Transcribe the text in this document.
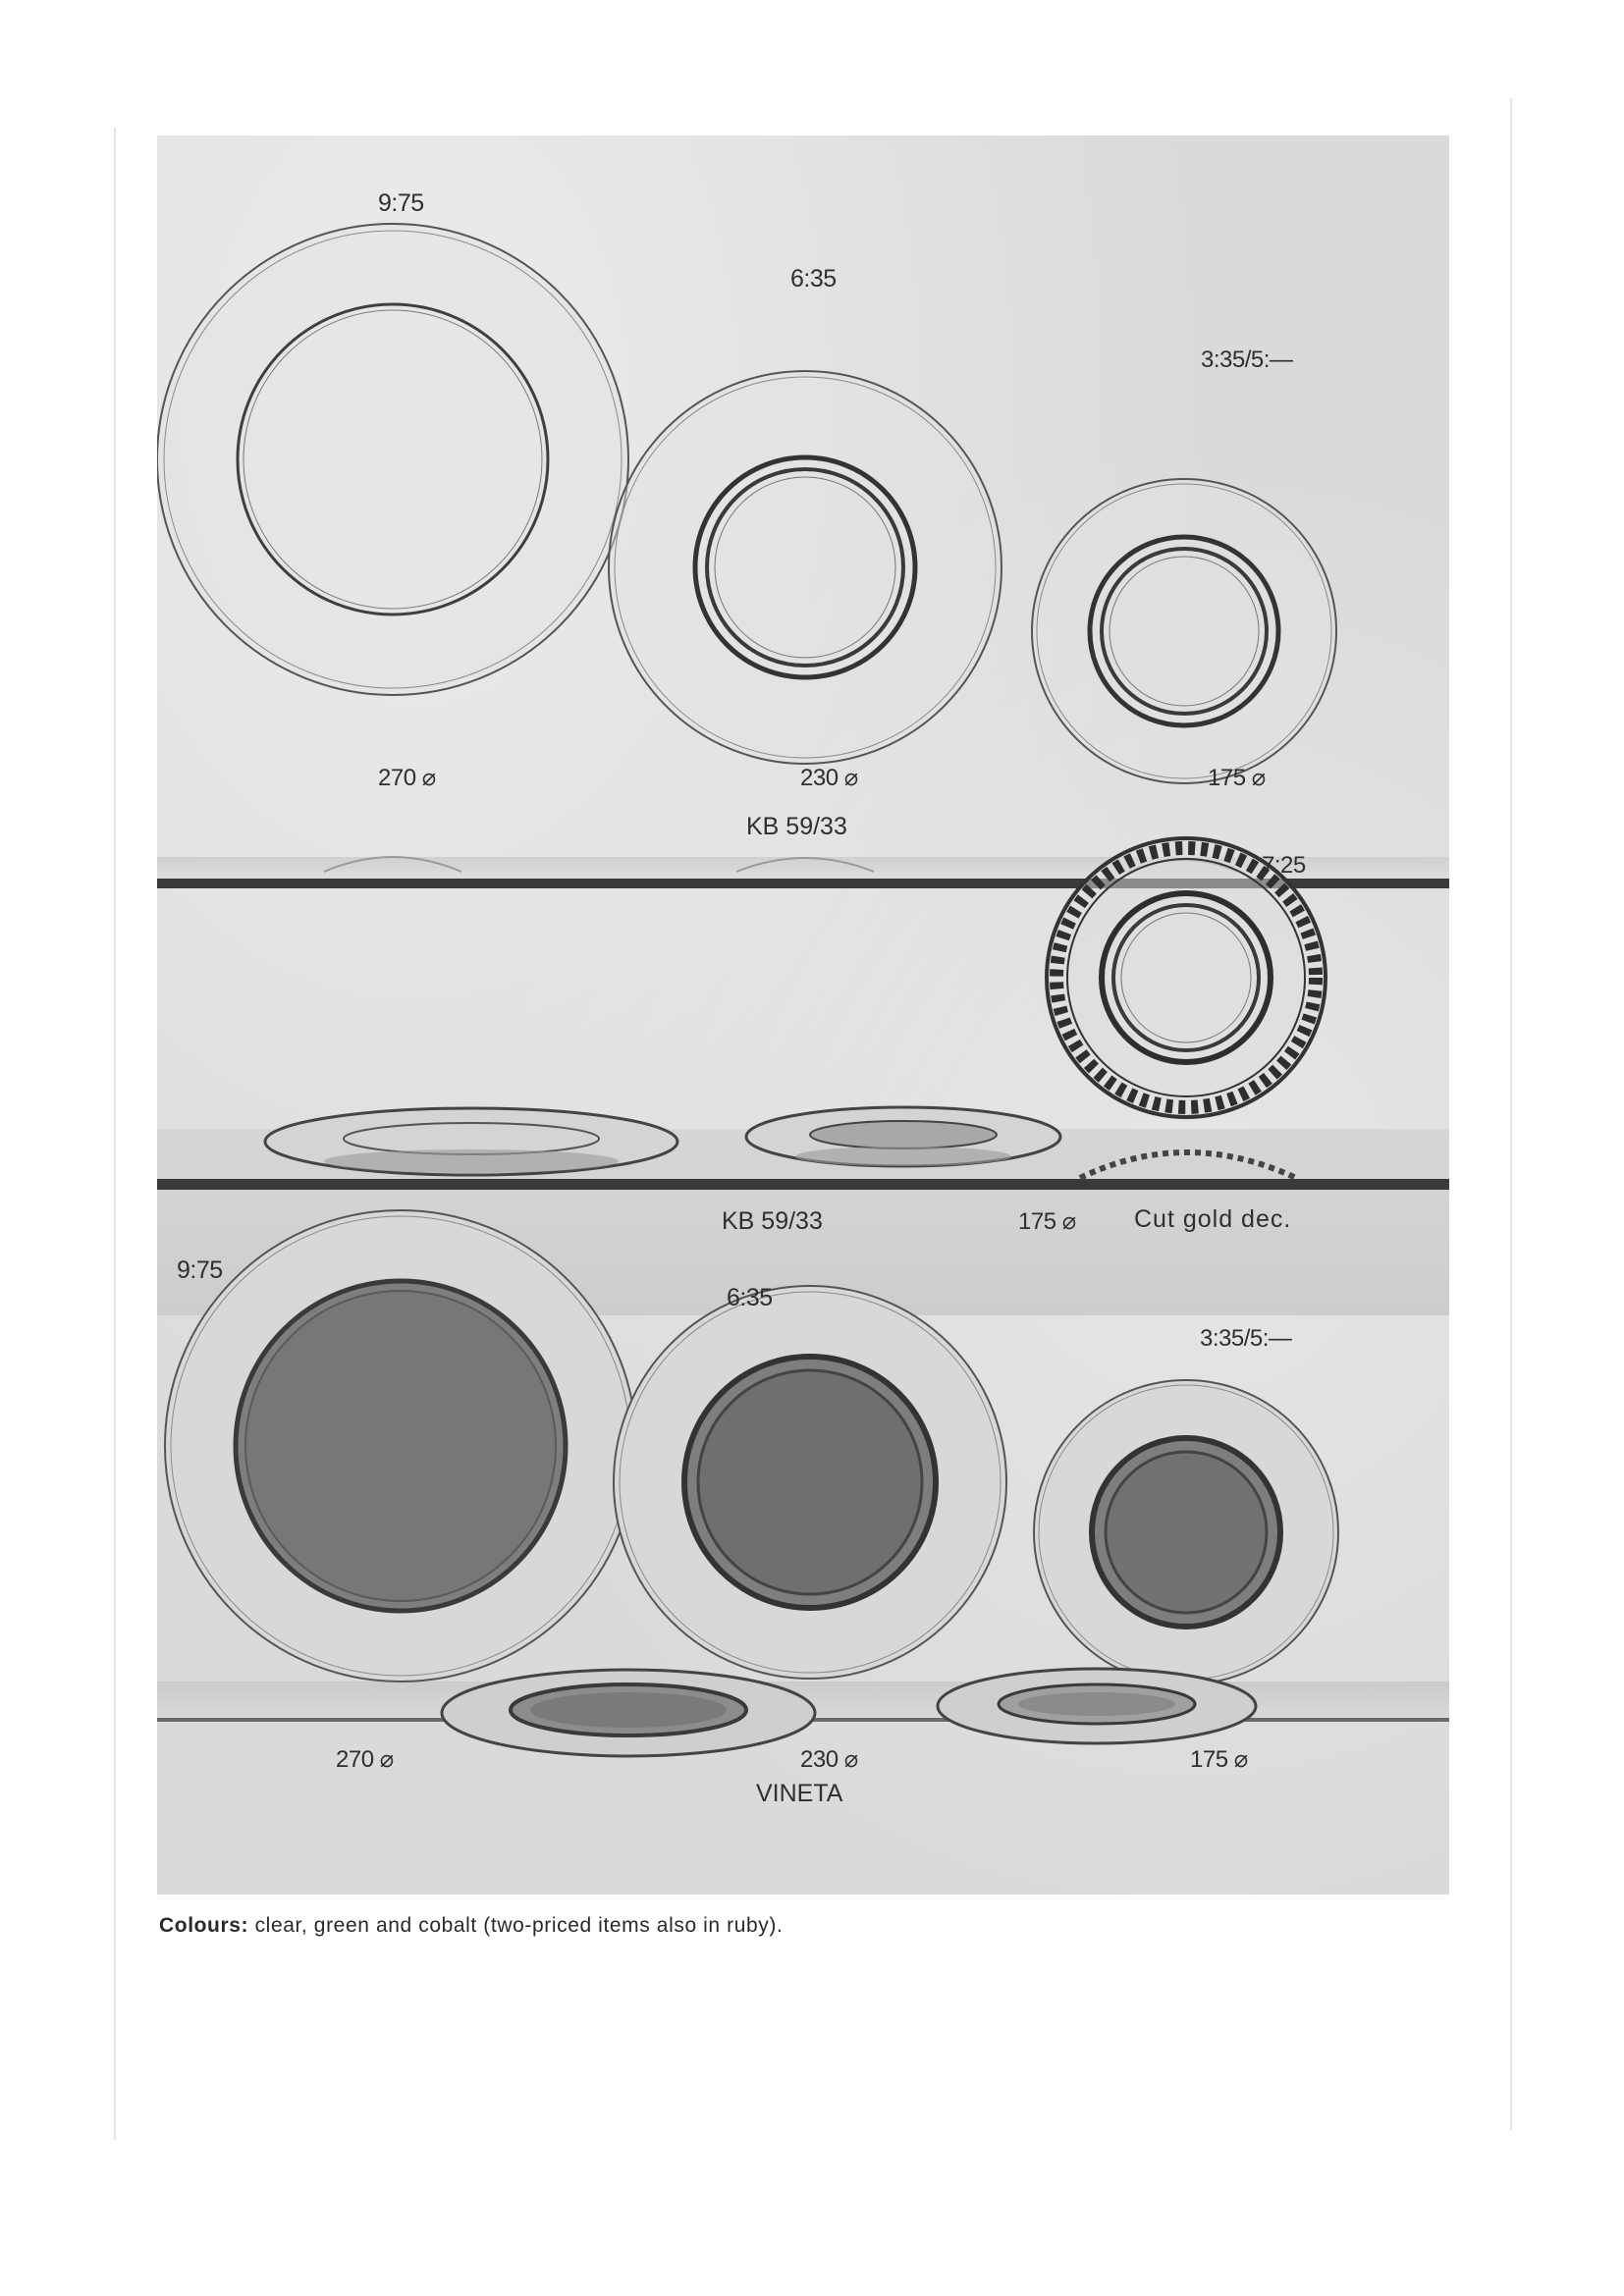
9:75
6:35
3:35/5:—
270 ⌀	230 ⌀	175 ⌀
KB 59/33
7:25
KB 59/33	175 ⌀ Cut gold dec.
9:75
6:35
3:35/5:—
270 ⌀	230 ⌀	175 ⌀
VINETA
Colours: clear, green and cobalt (two-priced items also in ruby).
